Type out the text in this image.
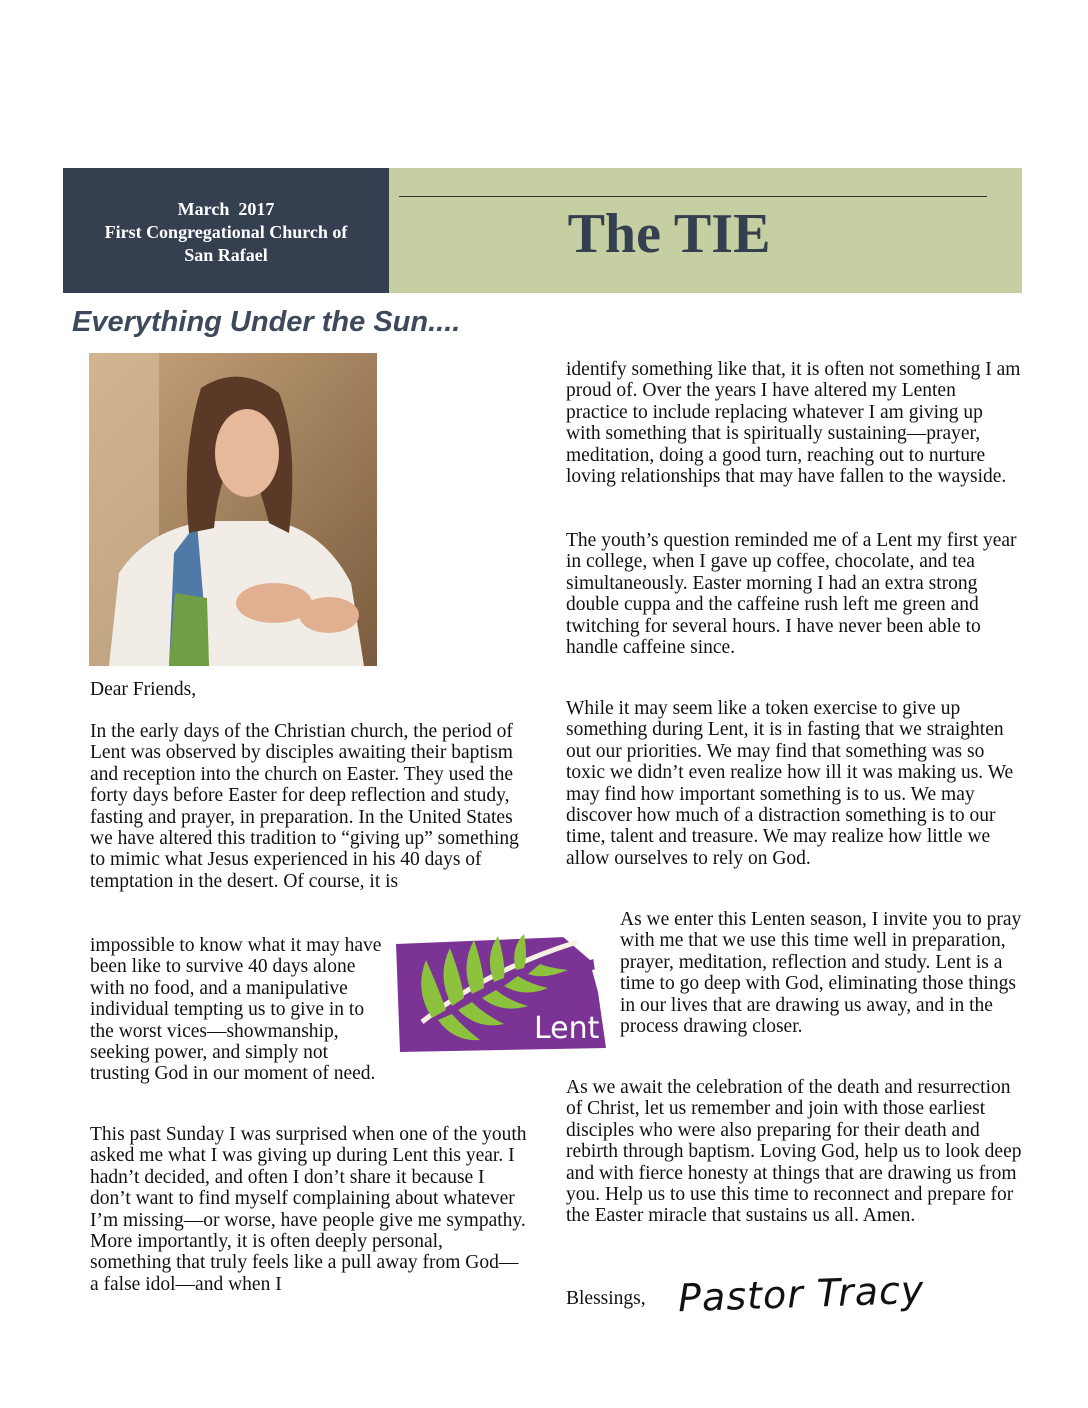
March  2017
First Congregational Church of
San Rafael	The TIE
Everything Under the Sun....

Dear Friends,

In the early days of the Christian church, the period of Lent was observed by disciples awaiting their baptism and reception into the church on Easter. They used the forty days before Easter for deep reflection and study, fasting and prayer, in preparation. In the United States we have altered this tradition to “giving up” something to mimic what Jesus experienced in his 40 days of temptation in the desert. Of course, it is

impossible to know what it may have been like to survive 40 days alone with no food, and a manipulative individual tempting us to give in to the worst vices—showmanship, seeking power, and simply not trusting God in our moment of need.

Lent

This past Sunday I was surprised when one of the youth asked me what I was giving up during Lent this year. I hadn’t decided, and often I don’t share it because I don’t want to find myself complaining about whatever I’m missing—or worse, have people give me sympathy. More importantly, it is often deeply personal, something that truly feels like a pull away from God—a false idol—and when I

identify something like that, it is often not something I am proud of. Over the years I have altered my Lenten practice to include replacing whatever I am giving up with something that is spiritually sustaining—prayer, meditation, doing a good turn, reaching out to nurture loving relationships that may have fallen to the wayside.

The youth’s question reminded me of a Lent my first year in college, when I gave up coffee, chocolate, and tea simultaneously. Easter morning I had an extra strong double cuppa and the caffeine rush left me green and twitching for several hours. I have never been able to handle caffeine since.

While it may seem like a token exercise to give up something during Lent, it is in fasting that we straighten out our priorities. We may find that something was so toxic we didn’t even realize how ill it was making us. We may find how important something is to us. We may discover how much of a distraction something is to our time, talent and treasure. We may realize how little we allow ourselves to rely on God.

As we enter this Lenten season, I invite you to pray with me that we use this time well in preparation, prayer, meditation, reflection and study. Lent is a time to go deep with God, eliminating those things in our lives that are drawing us away, and in the process drawing closer.

As we await the celebration of the death and resurrection of Christ, let us remember and join with those earliest disciples who were also preparing for their death and rebirth through baptism. Loving God, help us to look deep and with fierce honesty at things that are drawing us from you. Help us to use this time to reconnect and prepare for the Easter miracle that sustains us all. Amen.

Blessings, Pastor Tracy
